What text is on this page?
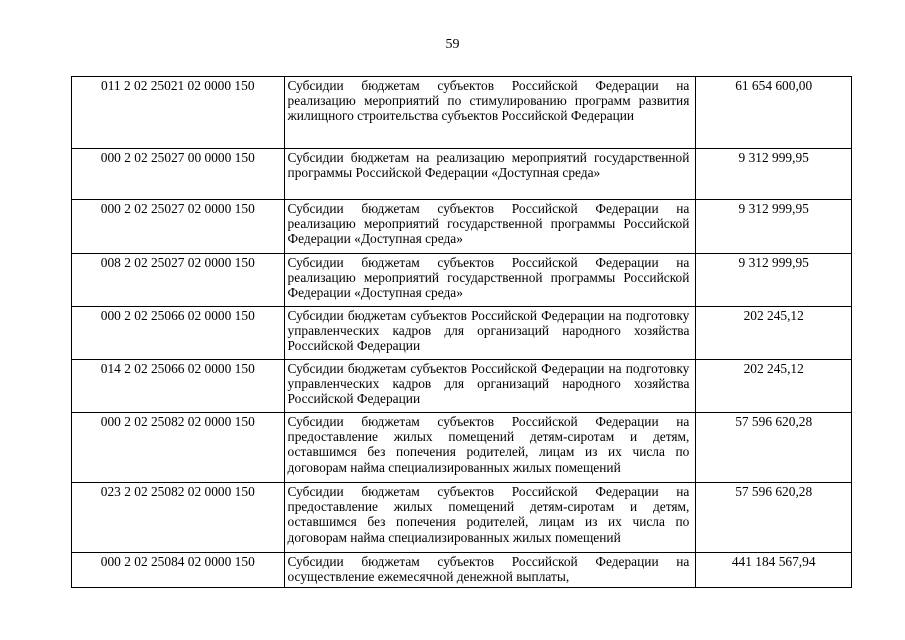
59
011 2 02 25021 02 0000 150	Субсидии бюджетам субъектов Российской Федерации на реализацию мероприятий по стимулированию программ развития жилищного строительства субъектов Российской Федерации	61 654 600,00
000 2 02 25027 00 0000 150	Субсидии бюджетам на реализацию мероприятий государственной программы Российской Федерации «Доступная среда»	9 312 999,95
000 2 02 25027 02 0000 150	Субсидии бюджетам субъектов Российской Федерации на реализацию мероприятий государственной программы Российской Федерации «Доступная среда»	9 312 999,95
008 2 02 25027 02 0000 150	Субсидии бюджетам субъектов Российской Федерации на реализацию мероприятий государственной программы Российской Федерации «Доступная среда»	9 312 999,95
000 2 02 25066 02 0000 150	Субсидии бюджетам субъектов Российской Федерации на подготовку управленческих кадров для организаций народного хозяйства Российской Федерации	202 245,12
014 2 02 25066 02 0000 150	Субсидии бюджетам субъектов Российской Федерации на подготовку управленческих кадров для организаций народного хозяйства Российской Федерации	202 245,12
000 2 02 25082 02 0000 150	Субсидии бюджетам субъектов Российской Федерации на предоставление жилых помещений детям-сиротам и детям, оставшимся без попечения родителей, лицам из их числа по договорам найма специализированных жилых помещений	57 596 620,28
023 2 02 25082 02 0000 150	Субсидии бюджетам субъектов Российской Федерации на предоставление жилых помещений детям-сиротам и детям, оставшимся без попечения родителей, лицам из их числа по договорам найма специализированных жилых помещений	57 596 620,28
000 2 02 25084 02 0000 150	Субсидии бюджетам субъектов Российской Федерации на осуществление ежемесячной денежной выплаты,	441 184 567,94
